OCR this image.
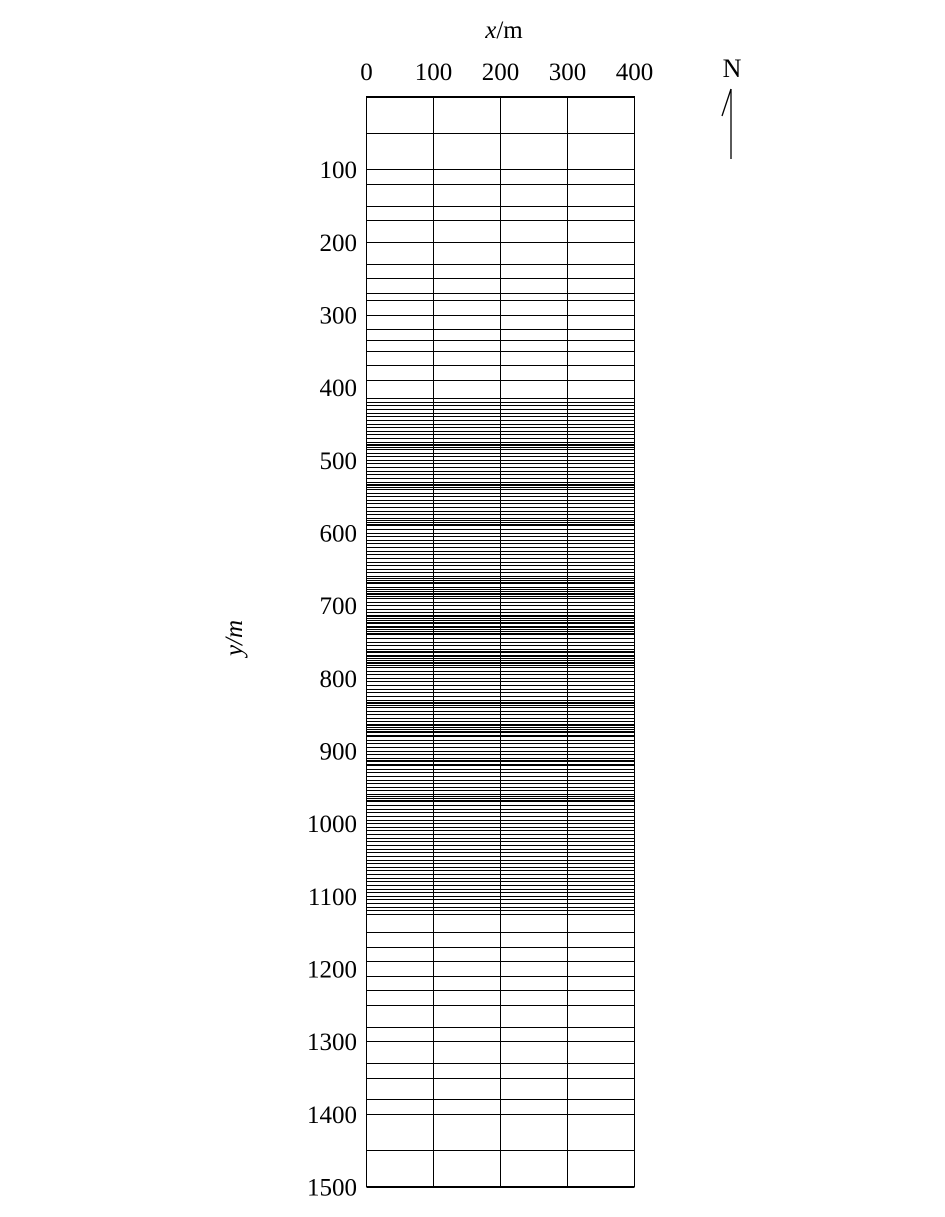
x/m
y/m
N
0 100 200 300 400
100
200
300
400
500
600
700
800
900
1000
1100
1200
1300
1400
1500
